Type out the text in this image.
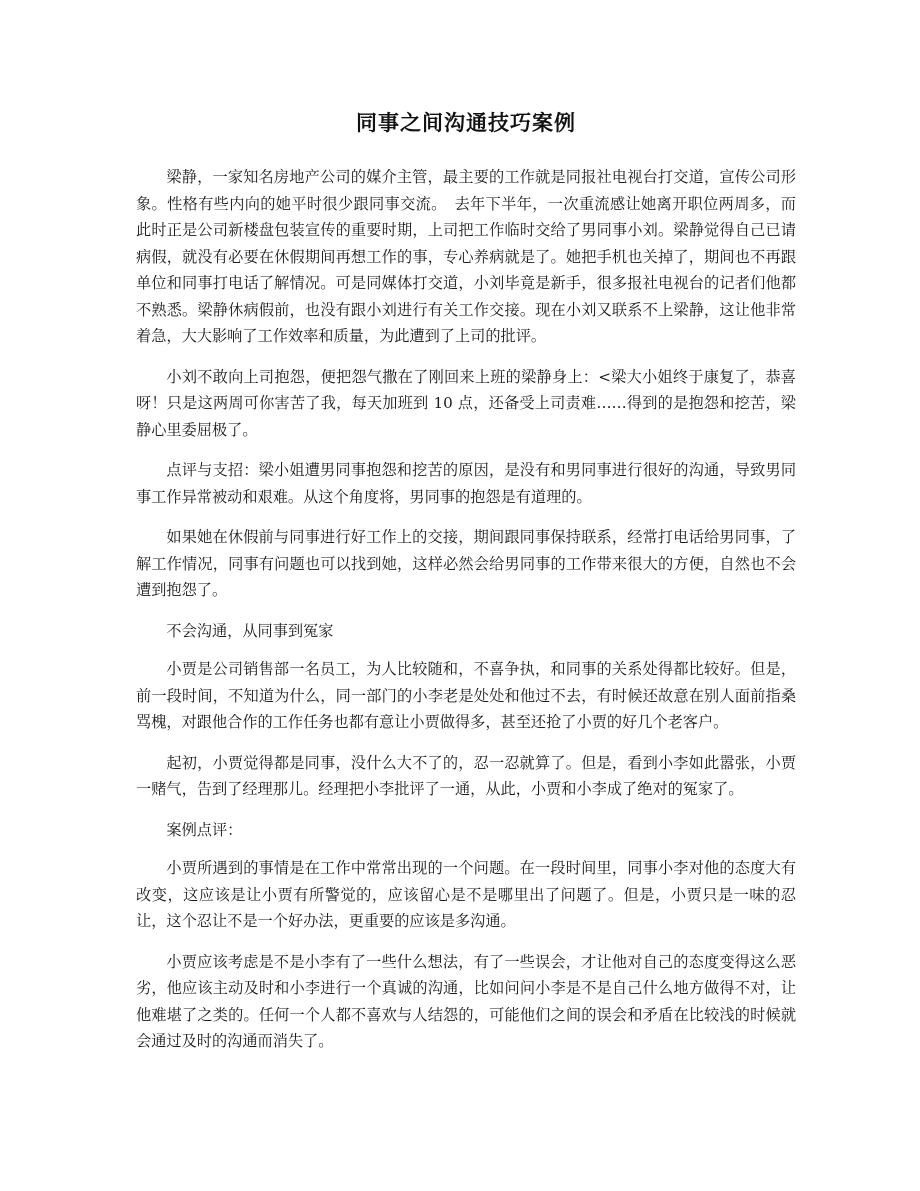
同事之间沟通技巧案例

梁静，一家知名房地产公司的媒介主管，最主要的工作就是同报社电视台打交道，宣传公司形象。性格有些内向的她平时很少跟同事交流。　去年下半年，一次重流感让她离开职位两周多，而此时正是公司新楼盘包装宣传的重要时期，上司把工作临时交给了男同事小刘。梁静觉得自己已请病假，就没有必要在休假期间再想工作的事，专心养病就是了。她把手机也关掉了，期间也不再跟单位和同事打电话了解情况。可是同媒体打交道，小刘毕竟是新手，很多报社电视台的记者们他都不熟悉。梁静休病假前，也没有跟小刘进行有关工作交接。现在小刘又联系不上梁静，这让他非常着急，大大影响了工作效率和质量，为此遭到了上司的批评。

小刘不敢向上司抱怨，便把怨气撒在了刚回来上班的梁静身上：<梁大小姐终于康复了，恭喜呀！只是这两周可你害苦了我，每天加班到 10 点，还备受上司责难……得到的是抱怨和挖苦，梁静心里委屈极了。

点评与支招：梁小姐遭男同事抱怨和挖苦的原因，是没有和男同事进行很好的沟通，导致男同事工作异常被动和艰难。从这个角度将，男同事的抱怨是有道理的。

如果她在休假前与同事进行好工作上的交接，期间跟同事保持联系，经常打电话给男同事，了解工作情况，同事有问题也可以找到她，这样必然会给男同事的工作带来很大的方便，自然也不会遭到抱怨了。

不会沟通，从同事到冤家

小贾是公司销售部一名员工，为人比较随和，不喜争执，和同事的关系处得都比较好。但是，前一段时间，不知道为什么，同一部门的小李老是处处和他过不去，有时候还故意在别人面前指桑骂槐，对跟他合作的工作任务也都有意让小贾做得多，甚至还抢了小贾的好几个老客户。

起初，小贾觉得都是同事，没什么大不了的，忍一忍就算了。但是，看到小李如此嚣张，小贾一赌气，告到了经理那儿。经理把小李批评了一通，从此，小贾和小李成了绝对的冤家了。

案例点评：

小贾所遇到的事情是在工作中常常出现的一个问题。在一段时间里，同事小李对他的态度大有改变，这应该是让小贾有所警觉的，应该留心是不是哪里出了问题了。但是，小贾只是一味的忍让，这个忍让不是一个好办法，更重要的应该是多沟通。

小贾应该考虑是不是小李有了一些什么想法，有了一些误会，才让他对自己的态度变得这么恶劣，他应该主动及时和小李进行一个真诚的沟通，比如问问小李是不是自己什么地方做得不对，让他难堪了之类的。任何一个人都不喜欢与人结怨的，可能他们之间的误会和矛盾在比较浅的时候就会通过及时的沟通而消失了。
